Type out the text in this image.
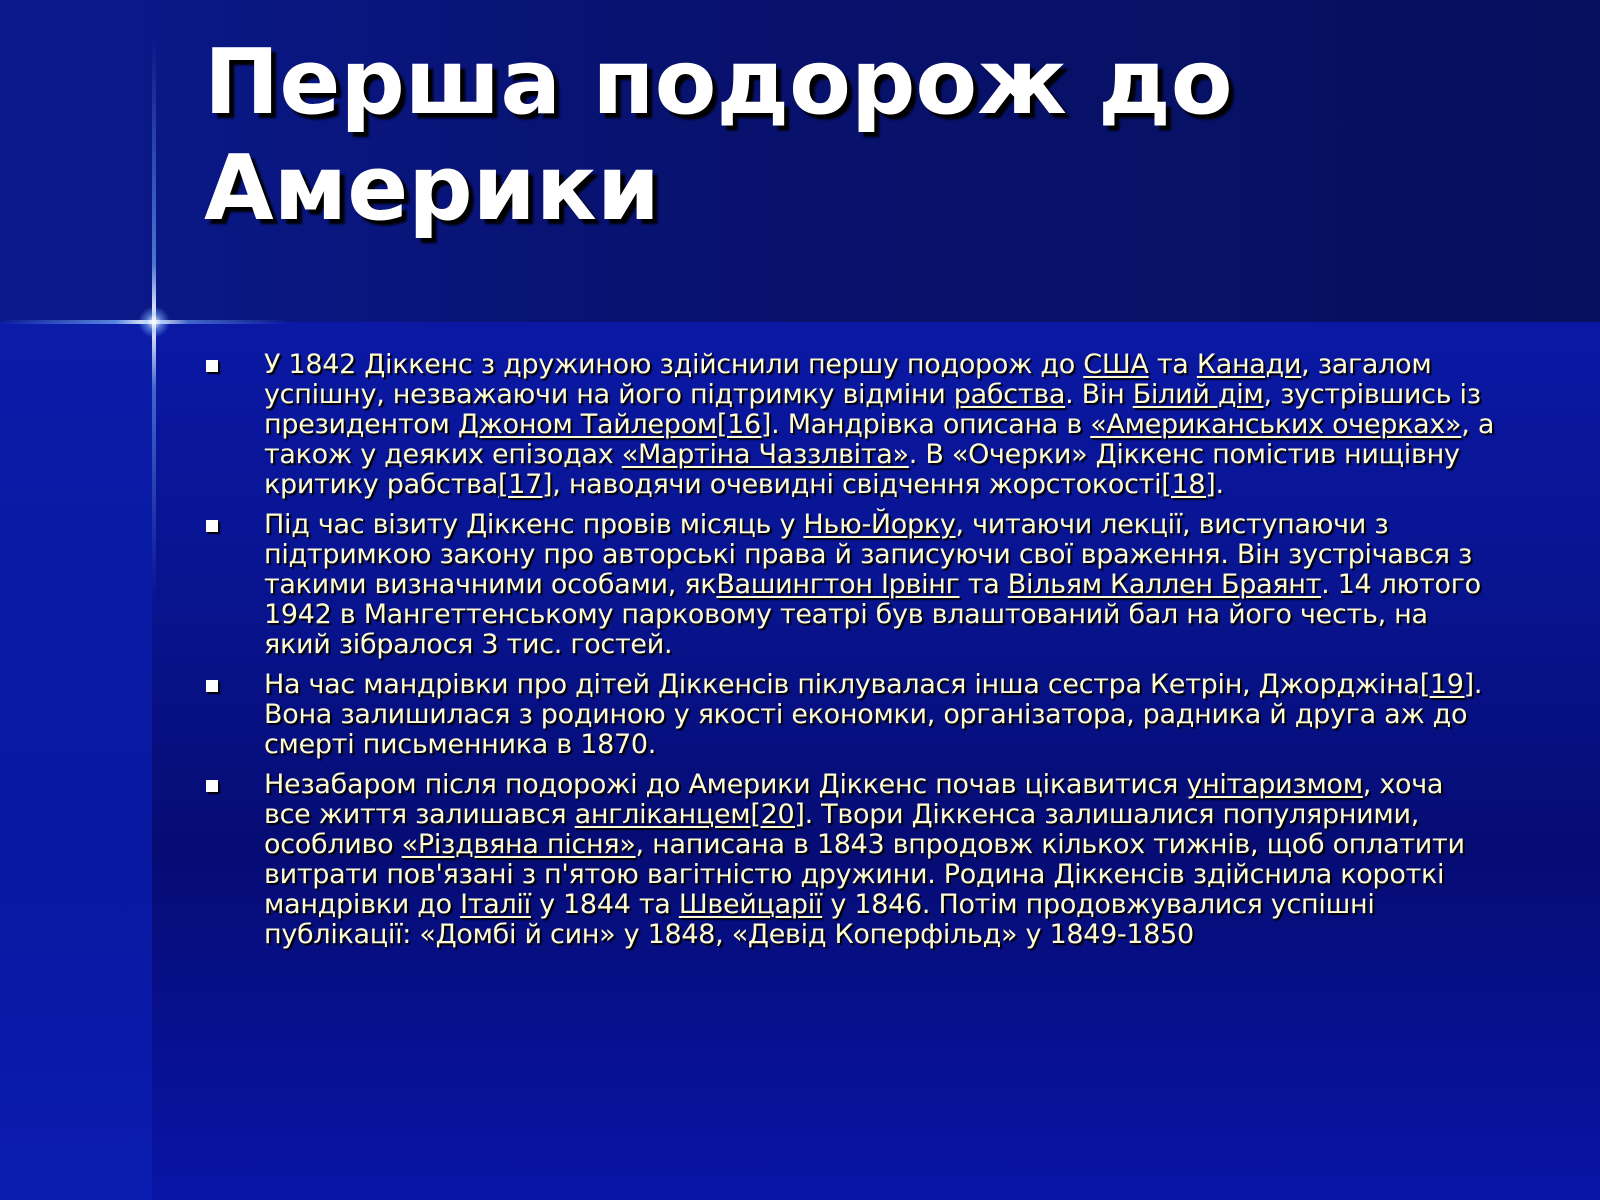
Перша подорож до Америки
У 1842 Діккенс з дружиною здійснили першу подорож до США та Канади, загалом успішну, незважаючи на його підтримку відміни рабства. Він Білий дім, зустрівшись із президентом Джоном Тайлером[16]. Мандрівка описана в «Американських очерках», а також у деяких епізодах «Мартіна Чаззлвіта». В «Очерки» Діккенс помістив нищівну критику рабства[17], наводячи очевидні свідчення жорстокості[18].
Під час візиту Діккенс провів місяць у Нью-Йорку, читаючи лекції, виступаючи з підтримкою закону про авторські права й записуючи свої враження. Він зустрічався з такими визначними особами, якВашингтон Ірвінг та Вільям Каллен Браянт. 14 лютого 1942 в Мангеттенському парковому театрі був влаштований бал на його честь, на який зібралося 3 тис. гостей.
На час мандрівки про дітей Діккенсів піклувалася інша сестра Кетрін, Джорджіна[19]. Вона залишилася з родиною у якості економки, організатора, радника й друга аж до смерті письменника в 1870.
Незабаром після подорожі до Америки Діккенс почав цікавитися унітаризмом, хоча все життя залишався англіканцем[20]. Твори Діккенса залишалися популярними, особливо «Різдвяна пісня», написана в 1843 впродовж кількох тижнів, щоб оплатити витрати пов'язані з п'ятою вагітністю дружини. Родина Діккенсів здійснила короткі мандрівки до Італії у 1844 та Швейцарії у 1846. Потім продовжувалися успішні публікації: «Домбі й син» у 1848, «Девід Коперфільд» у 1849-1850
